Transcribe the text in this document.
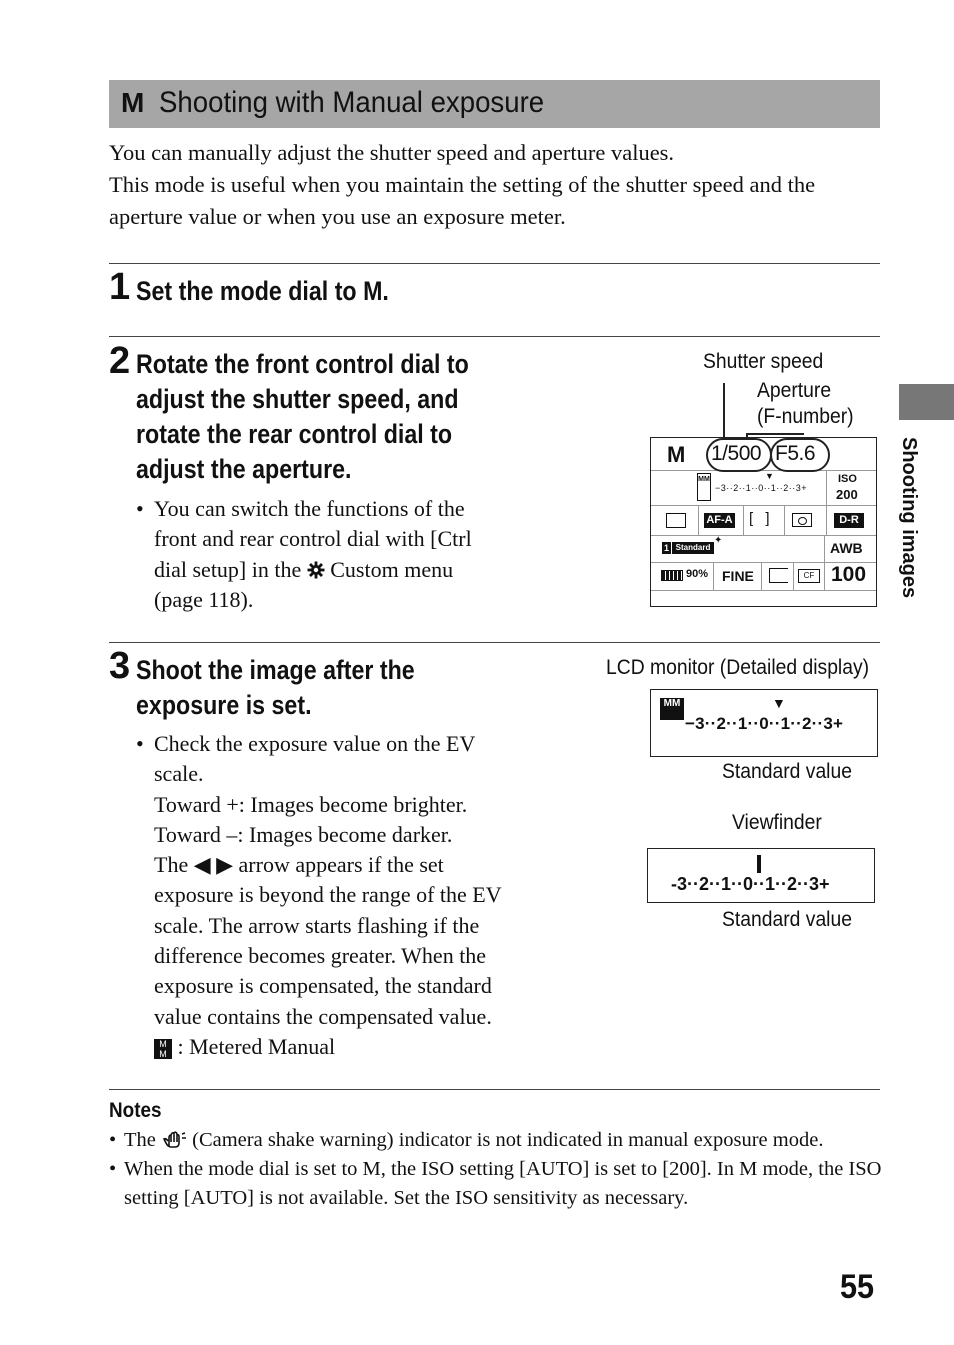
M Shooting with Manual exposure
You can manually adjust the shutter speed and aperture values.
This mode is useful when you maintain the setting of the shutter speed and the aperture value or when you use an exposure meter.
1 Set the mode dial to M.
2 Rotate the front control dial to
adjust the shutter speed, and
rotate the rear control dial to
adjust the aperture.
• You can switch the functions of the
front and rear control dial with [Ctrl
dial setup] in the Custom menu
(page 118).
Shutter speed
Aperture
(F-number)
M 1/500 F5.6
MM	▼
−3··2··1··0··1··2··3+
ISO
200
AF-A [ ]	D-R
1 Standard
✦	AWB
90% FINE	CF 100
3 Shoot the image after the
exposure is set.
• Check the exposure value on the EV
scale.
Toward +: Images become brighter.
Toward –: Images become darker.
The ◀ ▶ arrow appears if the set
exposure is beyond the range of the EV
scale. The arrow starts flashing if the
difference becomes greater. When the
exposure is compensated, the standard
value contains the compensated value.
M
M : Metered Manual
LCD monitor (Detailed display)
MM	▼
−3··2··1··0··1··2··3+
Standard value
Viewfinder
-3··2··1··0··1··2··3+
Standard value
Notes
• The (Camera shake warning) indicator is not indicated in manual exposure mode.
• When the mode dial is set to M, the ISO setting [AUTO] is set to [200]. In M mode, the ISO setting [AUTO] is not available. Set the ISO sensitivity as necessary.
Shooting images
55
